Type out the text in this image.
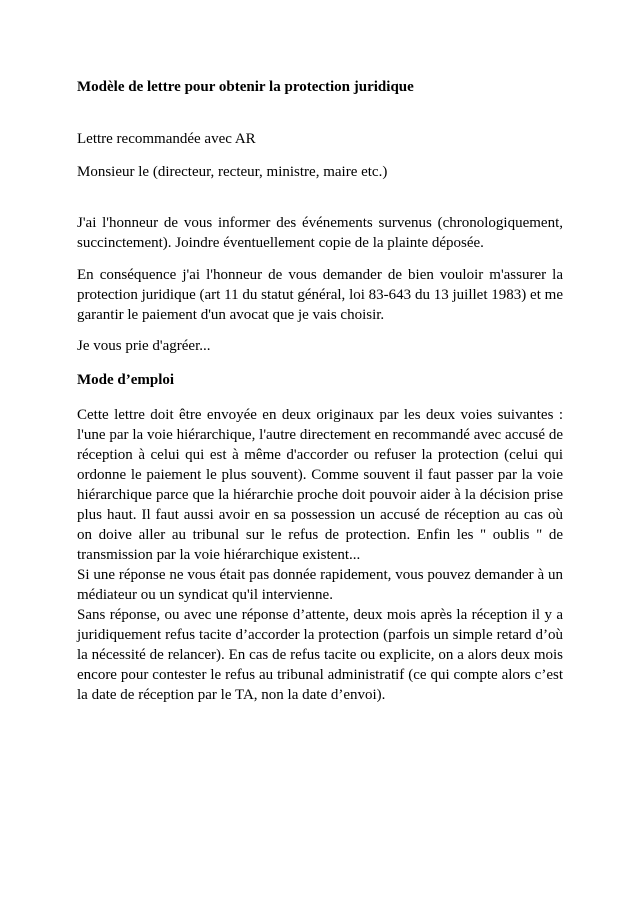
Modèle de lettre pour obtenir la protection juridique
Lettre recommandée avec AR
Monsieur le (directeur, recteur, ministre, maire etc.)
J'ai l'honneur de vous informer des événements survenus (chronologiquement, succinctement). Joindre éventuellement copie de la plainte déposée.
En conséquence j'ai l'honneur de vous demander de bien vouloir m'assurer la protection juridique (art 11 du statut général, loi 83-643 du 13 juillet 1983) et me garantir le paiement d'un avocat que je vais choisir.
Je vous prie d'agréer...
Mode d’emploi

Cette lettre doit être envoyée en deux originaux par les deux voies suivantes : l'une par la voie hiérarchique, l'autre directement en recommandé avec accusé de réception à celui qui est à même d'accorder ou refuser la protection (celui qui ordonne le paiement le plus souvent). Comme souvent il faut passer par la voie hiérarchique parce que la hiérarchie proche doit pouvoir aider à la décision prise plus haut. Il faut aussi avoir en sa possession un accusé de réception au cas où on doive aller au tribunal sur le refus de protection. Enfin les " oublis " de transmission par la voie hiérarchique existent...

Si une réponse ne vous était pas donnée rapidement, vous pouvez demander à un médiateur ou un syndicat qu'il intervienne.

Sans réponse, ou avec une réponse d’attente, deux mois après la réception il y a juridiquement refus tacite d’accorder la protection (parfois un simple retard d’où la nécessité de relancer). En cas de refus tacite ou explicite, on a alors deux mois encore pour contester le refus au tribunal administratif (ce qui compte alors c’est la date de réception par le TA, non la date d’envoi).
